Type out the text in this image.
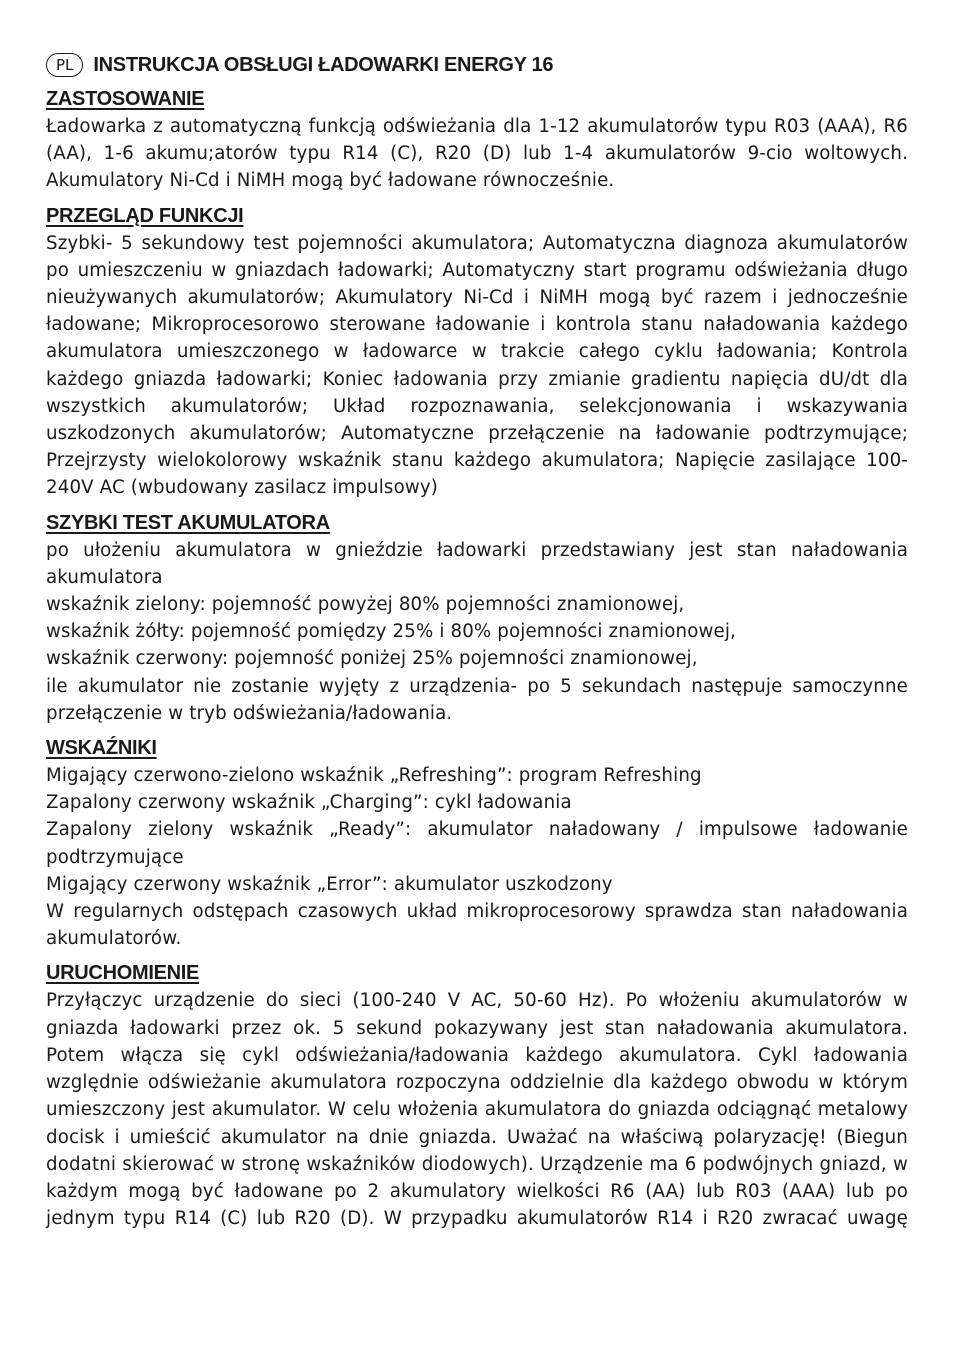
PL	INSTRUKCJA OBSŁUGI ŁADOWARKI ENERGY 16
ZASTOSOWANIE

Ładowarka z automatyczną funkcją odświeżania dla 1-12 akumulatorów typu R03 (AAA), R6 (AA), 1-6 akumu;atorów typu R14 (C), R20 (D) lub 1-4 akumulatorów 9-cio woltowych. Akumulatory Ni-Cd i NiMH mogą być ładowane równocześnie.

PRZEGLĄD FUNKCJI

Szybki- 5 sekundowy test pojemności akumulatora; Automatyczna diagnoza akumulatorów po umieszczeniu w gniazdach ładowarki; Automatyczny start programu odświeżania długo nieużywanych akumulatorów; Akumulatory Ni-Cd i NiMH mogą być razem i jednocześnie ładowane; Mikroprocesorowo sterowane ładowanie i kontrola stanu naładowania każdego akumulatora umieszczonego w ładowarce w trakcie całego cyklu ładowania; Kontrola każdego gniazda ładowarki; Koniec ładowania przy zmianie gradientu napięcia dU/dt dla wszystkich akumulatorów; Układ rozpoznawania, selekcjonowania i wskazywania uszkodzonych akumulatorów; Automatyczne przełączenie na ładowanie podtrzymujące; Przejrzysty wielokolorowy wskaźnik stanu każdego akumulatora; Napięcie zasilające 100-240V AC (wbudowany zasilacz impulsowy)

SZYBKI TEST AKUMULATORA

po ułożeniu akumulatora w gnieździe ładowarki przedstawiany jest stan naładowania akumulatora

wskaźnik zielony: pojemność powyżej 80% pojemności znamionowej,

wskaźnik żółty: pojemność pomiędzy 25% i 80% pojemności znamionowej,

wskaźnik czerwony: pojemność poniżej 25% pojemności znamionowej,

ile akumulator nie zostanie wyjęty z urządzenia- po 5 sekundach następuje samoczynne przełączenie w tryb odświeżania/ładowania.

WSKAŹNIKI

Migający czerwono-zielono wskaźnik „Refreshing”: program Refreshing

Zapalony czerwony wskaźnik „Charging”: cykl ładowania

Zapalony zielony wskaźnik „Ready”: akumulator naładowany / impulsowe ładowanie podtrzymujące

Migający czerwony wskaźnik „Error”: akumulator uszkodzony

W regularnych odstępach czasowych układ mikroprocesorowy sprawdza stan naładowania akumulatorów.

URUCHOMIENIE

Przyłączyc urządzenie do sieci (100-240 V AC, 50-60 Hz). Po włożeniu akumulatorów w gniazda ładowarki przez ok. 5 sekund pokazywany jest stan naładowania akumulatora. Potem włącza się cykl odświeżania/ładowania każdego akumulatora. Cykl ładowania względnie odświeżanie akumulatora rozpoczyna oddzielnie dla każdego obwodu w którym umieszczony jest akumulator. W celu włożenia akumulatora do gniazda odciągnąć metalowy docisk i umieścić akumulator na dnie gniazda. Uważać na właściwą polaryzację! (Biegun dodatni skierować w stronę wskaźników diodowych). Urządzenie ma 6 podwójnych gniazd, w każdym mogą być ładowane po 2 akumulatory wielkości R6 (AA) lub R03 (AAA) lub po jednym typu R14 (C) lub R20 (D). W przypadku akumulatorów R14 i R20 zwracać uwagę
